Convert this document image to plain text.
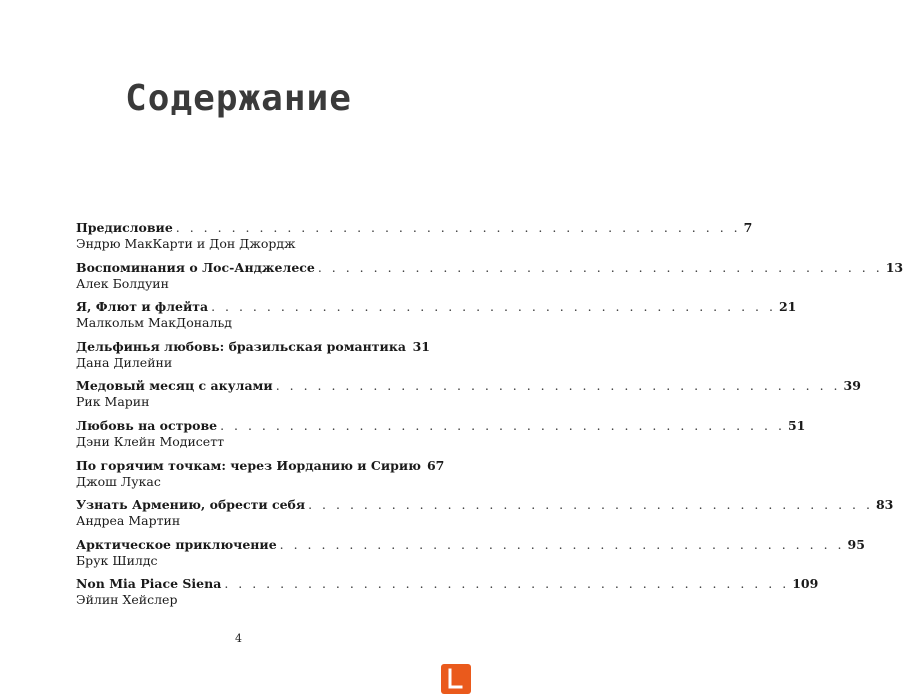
Содержание
Предисловие . . . . . . . . . . . . . . . . . . . . . . . . . . . . . . . . . . . . . . . . . 7
Эндрю МакКарти и Дон Джордж
Воспоминания о Лос-Анджелесе . . . . . . . . . . . . . . . . . . . . . . . . . . . . . . . . . . . . . . . . . 13
Алек Болдуин
Я, Флют и флейта . . . . . . . . . . . . . . . . . . . . . . . . . . . . . . . . . . . . . . . . . 21
Малкольм МакДональд
Дельфинья любовь: бразильская романтика 31
Дана Дилейни
Медовый месяц с акулами . . . . . . . . . . . . . . . . . . . . . . . . . . . . . . . . . . . . . . . . . 39
Рик Марин
Любовь на острове . . . . . . . . . . . . . . . . . . . . . . . . . . . . . . . . . . . . . . . . . 51
Дэни Клейн Модисетт
По горячим точкам: через Иорданию и Сирию 67
Джош Лукас
Узнать Армению, обрести себя . . . . . . . . . . . . . . . . . . . . . . . . . . . . . . . . . . . . . . . . . 83
Андреа Мартин
Арктическое приключение . . . . . . . . . . . . . . . . . . . . . . . . . . . . . . . . . . . . . . . . . 95
Брук Шилдс
Non Mia Piace Siena . . . . . . . . . . . . . . . . . . . . . . . . . . . . . . . . . . . . . . . . . 109
Эйлин Хейслер
4
